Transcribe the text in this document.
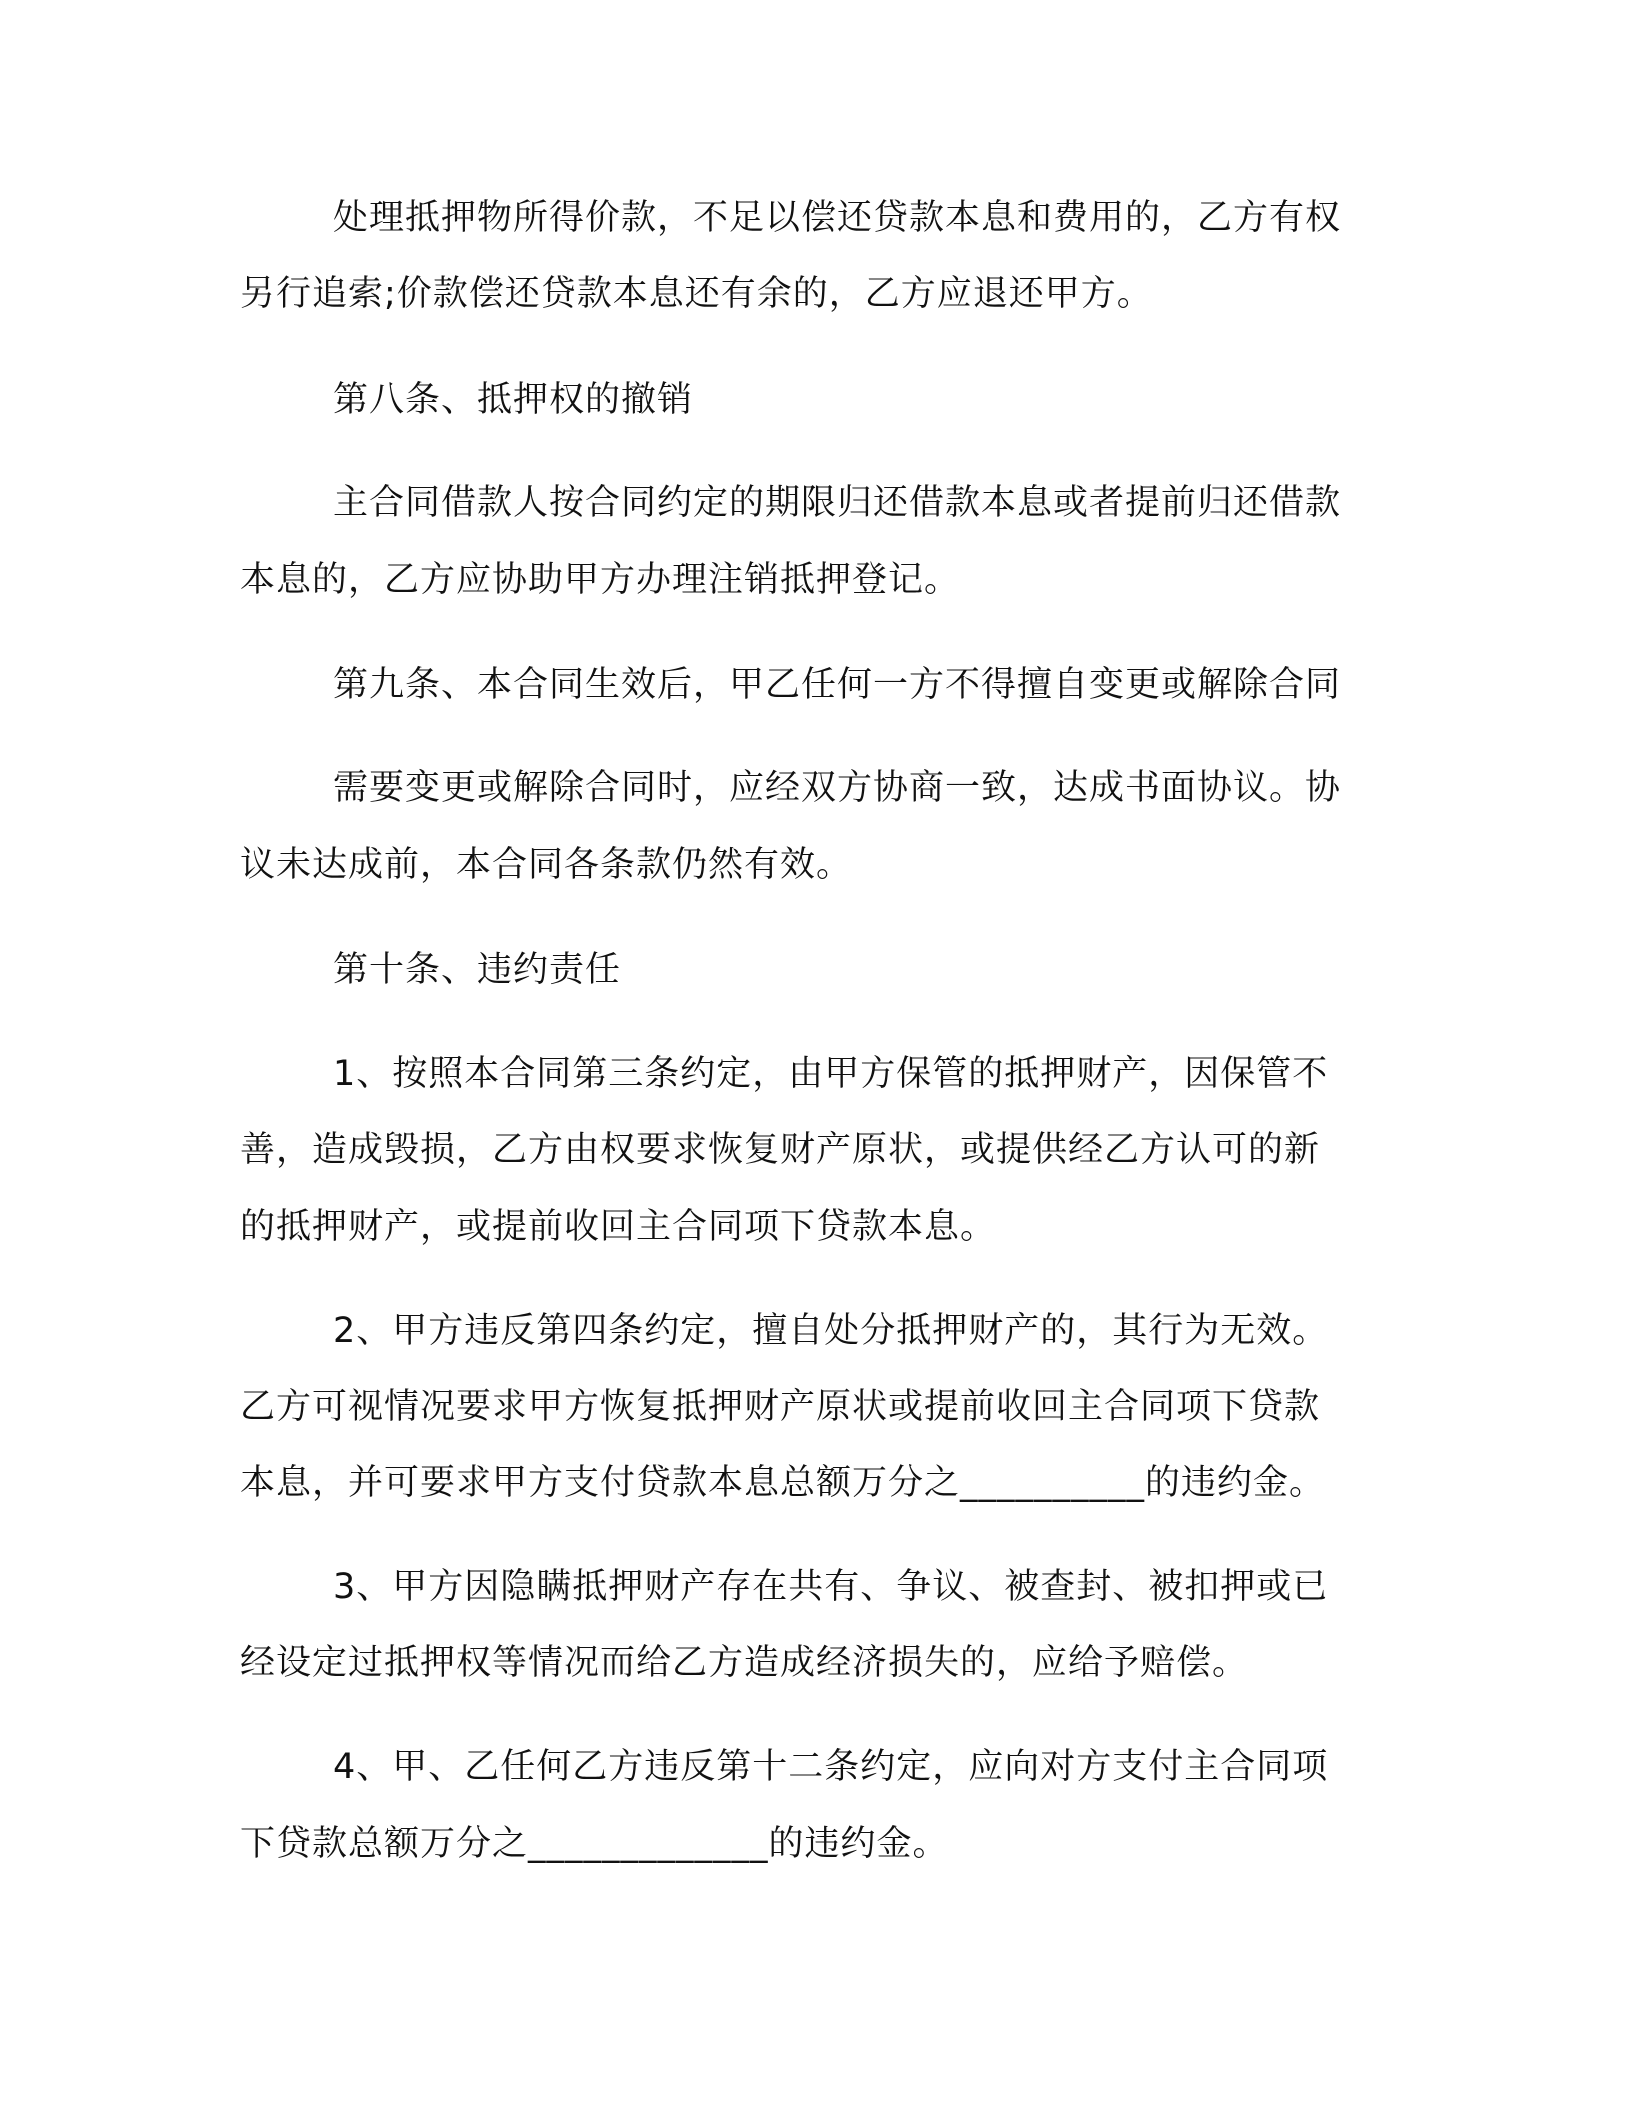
处理抵押物所得价款，不足以偿还贷款本息和费用的，乙方有权

另行追索;价款偿还贷款本息还有余的，乙方应退还甲方。

第八条、抵押权的撤销

主合同借款人按合同约定的期限归还借款本息或者提前归还借款

本息的，乙方应协助甲方办理注销抵押登记。

第九条、本合同生效后，甲乙任何一方不得擅自变更或解除合同

需要变更或解除合同时，应经双方协商一致，达成书面协议。协

议未达成前，本合同各条款仍然有效。

第十条、违约责任

1、按照本合同第三条约定，由甲方保管的抵押财产，因保管不

善，造成毁损，乙方由权要求恢复财产原状，或提供经乙方认可的新

的抵押财产，或提前收回主合同项下贷款本息。

2、甲方违反第四条约定，擅自处分抵押财产的，其行为无效。

乙方可视情况要求甲方恢复抵押财产原状或提前收回主合同项下贷款

本息，并可要求甲方支付贷款本息总额万分之__________的违约金。

3、甲方因隐瞒抵押财产存在共有、争议、被查封、被扣押或已

经设定过抵押权等情况而给乙方造成经济损失的，应给予赔偿。

4、甲、乙任何乙方违反第十二条约定，应向对方支付主合同项

下贷款总额万分之_____________的违约金。
